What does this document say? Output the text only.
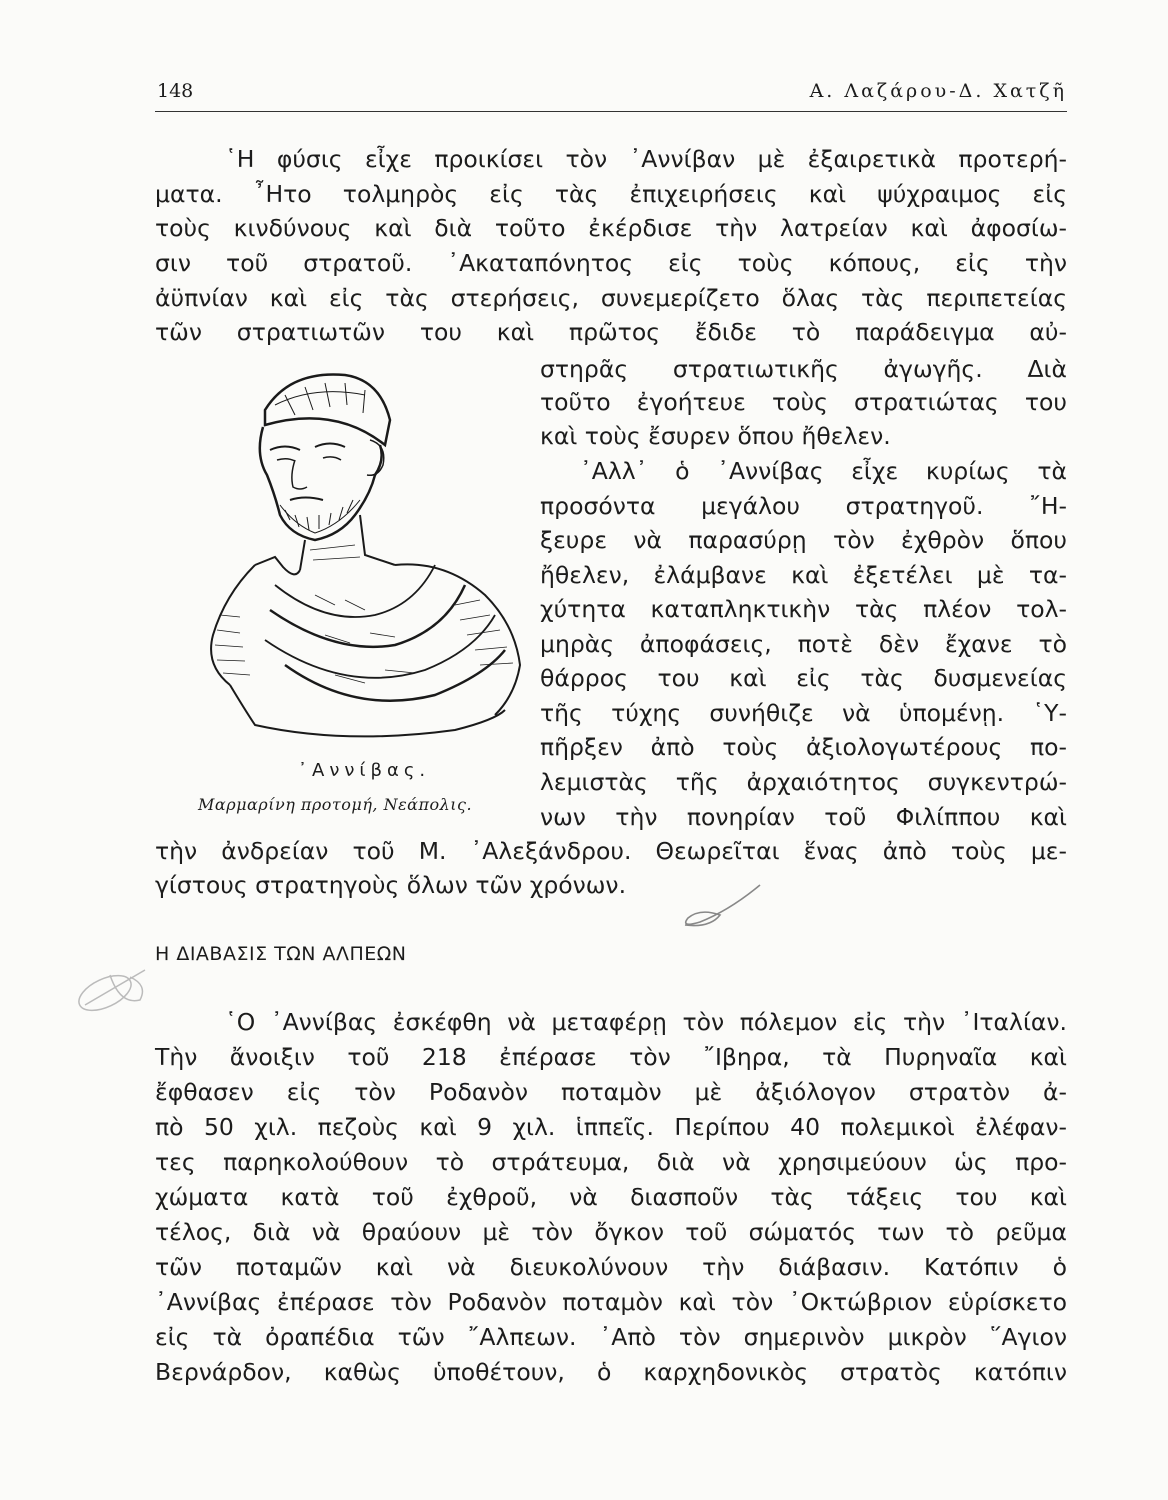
148	Α. Λαζάρου-Δ. Χατζῆ
῾Η φύσις εἶχε προικίσει τὸν ᾿Αννίβαν μὲ ἐξαιρετικὰ προτερή-
ματα. ῏Ητο τολμηρὸς εἰς τὰς ἐπιχειρήσεις καὶ ψύχραιμος εἰς
τοὺς κινδύνους καὶ διὰ τοῦτο ἐκέρδισε τὴν λατρείαν καὶ ἀφοσίω-
σιν τοῦ στρατοῦ. ᾿Ακαταπόνητος εἰς τοὺς κόπους, εἰς τὴν
ἀϋπνίαν καὶ εἰς τὰς στερήσεις, συνεμερίζετο ὅλας τὰς περιπετείας
τῶν στρατιωτῶν του καὶ πρῶτος ἔδιδε τὸ παράδειγμα αὐ-
στηρᾶς στρατιωτικῆς ἀγωγῆς. Διὰ
τοῦτο ἐγοήτευε τοὺς στρατιώτας του
καὶ τοὺς ἔσυρεν ὅπου ἤθελεν.
᾿Αλλ᾿ ὁ ᾿Αννίβας εἶχε κυρίως τὰ
προσόντα μεγάλου στρατηγοῦ. ῎Η-
ξευρε νὰ παρασύρῃ τὸν ἐχθρὸν ὅπου
ἤθελεν, ἐλάμβανε καὶ ἐξετέλει μὲ τα-
χύτητα καταπληκτικὴν τὰς πλέον τολ-
μηρὰς ἀποφάσεις, ποτὲ δὲν ἔχανε τὸ
θάρρος του καὶ εἰς τὰς δυσμενείας
τῆς τύχης συνήθιζε νὰ ὑπομένῃ. ῾Υ-
πῆρξεν ἀπὸ τοὺς ἀξιολογωτέρους πο-
λεμιστὰς τῆς ἀρχαιότητος συγκεντρώ-
νων τὴν πονηρίαν τοῦ Φιλίππου καὶ
τὴν ἀνδρείαν τοῦ Μ. ᾿Αλεξάνδρου. Θεωρεῖται ἕνας ἀπὸ τοὺς με-
γίστους στρατηγοὺς ὅλων τῶν χρόνων.
᾿Αννίβας.
Μαρμαρίνη προτομή, Νεάπολις.
Η ΔΙΑΒΑΣΙΣ ΤΩΝ ΑΛΠΕΩΝ
῾Ο ᾿Αννίβας ἐσκέφθη νὰ μεταφέρῃ τὸν πόλεμον εἰς τὴν ᾿Ιταλίαν.
Τὴν ἄνοιξιν τοῦ 218 ἐπέρασε τὸν ῎Ιβηρα, τὰ Πυρηναῖα καὶ
ἔφθασεν εἰς τὸν Ροδανὸν ποταμὸν μὲ ἀξιόλογον στρατὸν ἀ-
πὸ 50 χιλ. πεζοὺς καὶ 9 χιλ. ἱππεῖς. Περίπου 40 πολεμικοὶ ἐλέφαν-
τες παρηκολούθουν τὸ στράτευμα, διὰ νὰ χρησιμεύουν ὡς προ-
χώματα κατὰ τοῦ ἐχθροῦ, νὰ διασποῦν τὰς τάξεις του καὶ
τέλος, διὰ νὰ θραύουν μὲ τὸν ὄγκον τοῦ σώματός των τὸ ρεῦμα
τῶν ποταμῶν καὶ νὰ διευκολύνουν τὴν διάβασιν. Κατόπιν ὁ
᾿Αννίβας ἐπέρασε τὸν Ροδανὸν ποταμὸν καὶ τὸν ᾿Οκτώβριον εὑρίσκετο
εἰς τὰ ὀραπέδια τῶν ῎Αλπεων. ᾿Απὸ τὸν σημερινὸν μικρὸν ῞Αγιον
Βερνάρδον, καθὼς ὑποθέτουν, ὁ καρχηδονικὸς στρατὸς κατόπιν
